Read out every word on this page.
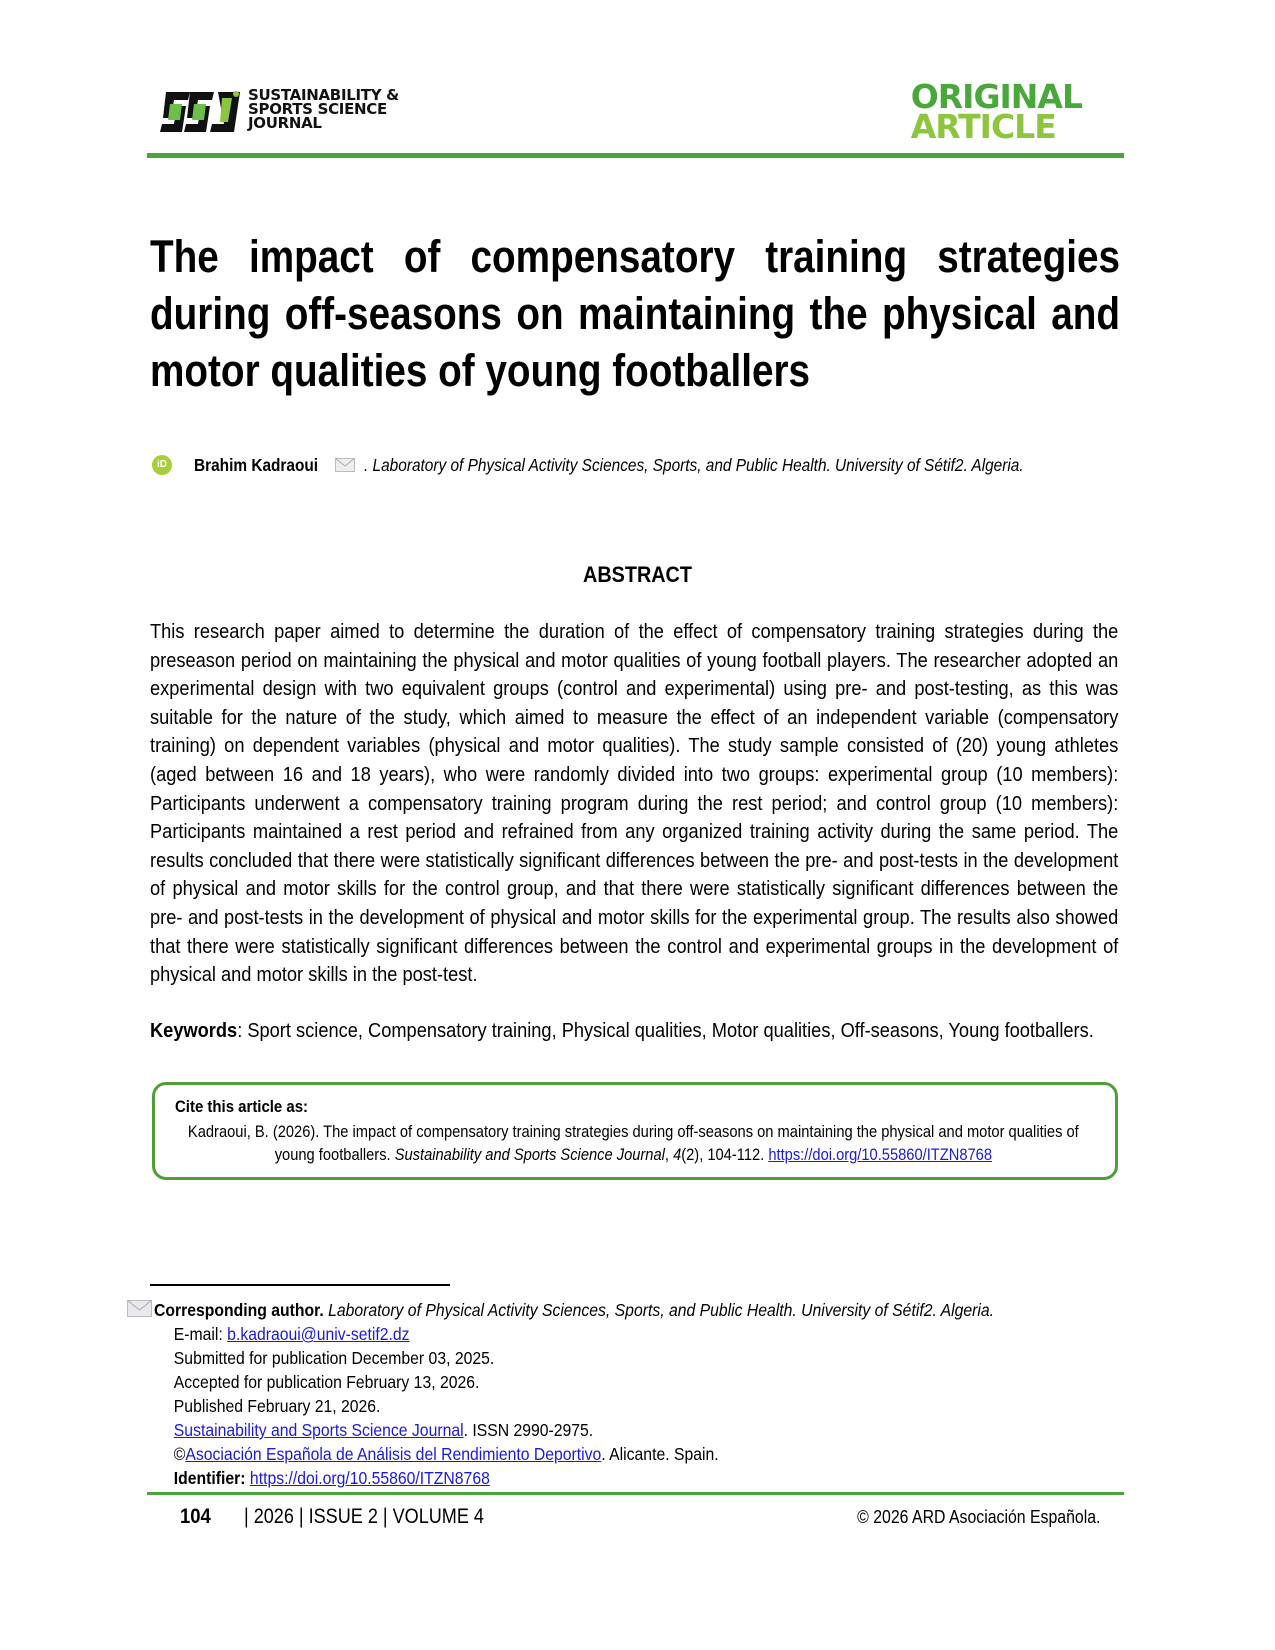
SUSTAINABILITY &
SPORTS SCIENCE
JOURNAL
ORIGINAL
ARTICLE
The impact of compensatory training strategies during off-seasons on maintaining the physical and motor qualities of young footballers
iD Brahim Kadraoui	. Laboratory of Physical Activity Sciences, Sports, and Public Health. University of Sétif2. Algeria.
ABSTRACT
This research paper aimed to determine the duration of the effect of compensatory training strategies during the preseason period on maintaining the physical and motor qualities of young football players. The researcher adopted an experimental design with two equivalent groups (control and experimental) using pre- and post-testing, as this was suitable for the nature of the study, which aimed to measure the effect of an independent variable (compensatory training) on dependent variables (physical and motor qualities). The study sample consisted of (20) young athletes (aged between 16 and 18 years), who were randomly divided into two groups: experimental group (10 members): Participants underwent a compensatory training program during the rest period; and control group (10 members): Participants maintained a rest period and refrained from any organized training activity during the same period. The results concluded that there were statistically significant differences between the pre- and post-tests in the development of physical and motor skills for the control group, and that there were statistically significant differences between the pre- and post-tests in the development of physical and motor skills for the experimental group. The results also showed that there were statistically significant differences between the control and experimental groups in the development of physical and motor skills in the post-test.
Keywords: Sport science, Compensatory training, Physical qualities, Motor qualities, Off-seasons, Young footballers.
Cite this article as:
Kadraoui, B. (2026). The impact of compensatory training strategies during off-seasons on maintaining the physical and motor qualities of young footballers. Sustainability and Sports Science Journal, 4(2), 104-112. https://doi.org/10.55860/ITZN8768
Corresponding author. Laboratory of Physical Activity Sciences, Sports, and Public Health. University of Sétif2. Algeria.
E-mail: b.kadraoui@univ-setif2.dz
Submitted for publication December 03, 2025.
Accepted for publication February 13, 2026.
Published February 21, 2026.
Sustainability and Sports Science Journal. ISSN 2990-2975.
©Asociación Española de Análisis del Rendimiento Deportivo. Alicante. Spain.
Identifier: https://doi.org/10.55860/ITZN8768
104 | 2026 | ISSUE 2 | VOLUME 4	© 2026 ARD Asociación Española.
